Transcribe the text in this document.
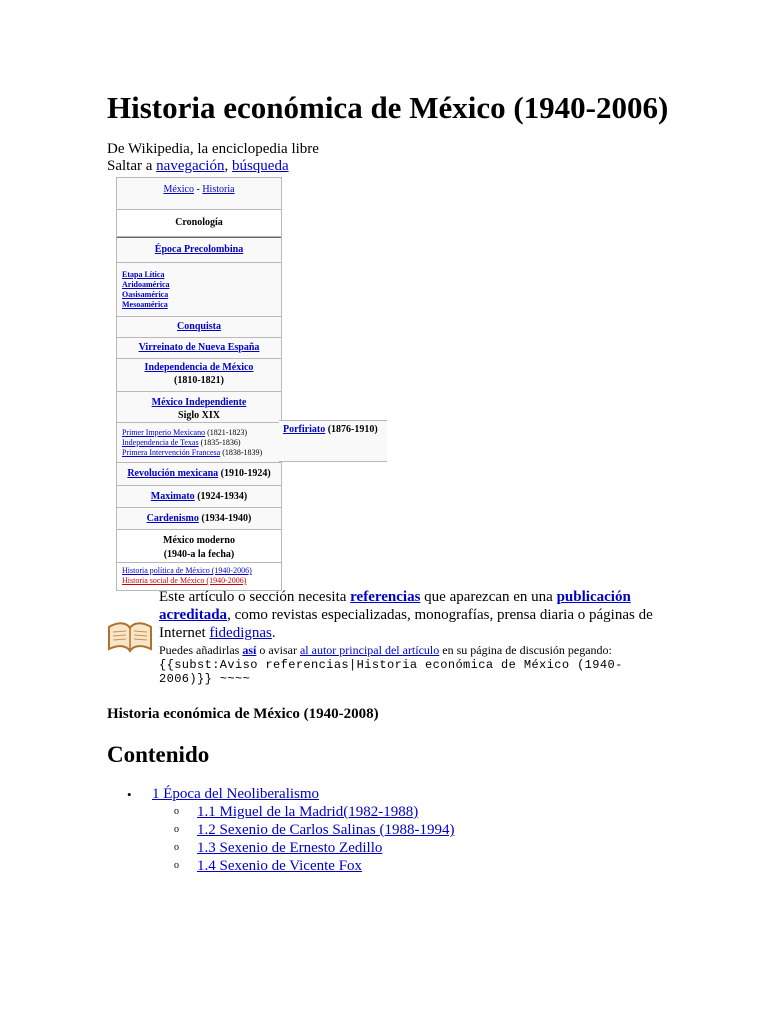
Historia económica de México (1940-2006)
De Wikipedia, la enciclopedia libre
Saltar a navegación, búsqueda
México - Historia
Cronología
Época Precolombina
Etapa Lítica
Aridoamérica
Oasisamérica
Mesoamérica
Conquista
Virreinato de Nueva España
Independencia de México
(1810-1821)
México Independiente
Siglo XIX
Primer Imperio Mexicano (1821-1823)
Independencia de Texas (1835-1836)
Primera Intervención Francesa (1838-1839)
Revolución mexicana (1910-1924)
Maximato (1924-1934)
Cardenismo (1934-1940)
México moderno
(1940-a la fecha)
Historia política de México (1940-2006)
Historia social de México (1940-2006)
Porfiriato (1876-1910)
Este artículo o sección necesita referencias que aparezcan en una publicación acreditada, como revistas especializadas, monografías, prensa diaria o páginas de Internet fidedignas.
Puedes añadirlas así o avisar al autor principal del artículo en su página de discusión pegando:
{{subst:Aviso referencias|Historia económica de México (1940-2006)}} ~~~~
Historia económica de México (1940-2008)
Contenido
• 1 Época del Neoliberalismo
o 1.1 Miguel de la Madrid(1982-1988)
o 1.2 Sexenio de Carlos Salinas (1988-1994)
o 1.3 Sexenio de Ernesto Zedillo
o 1.4 Sexenio de Vicente Fox
